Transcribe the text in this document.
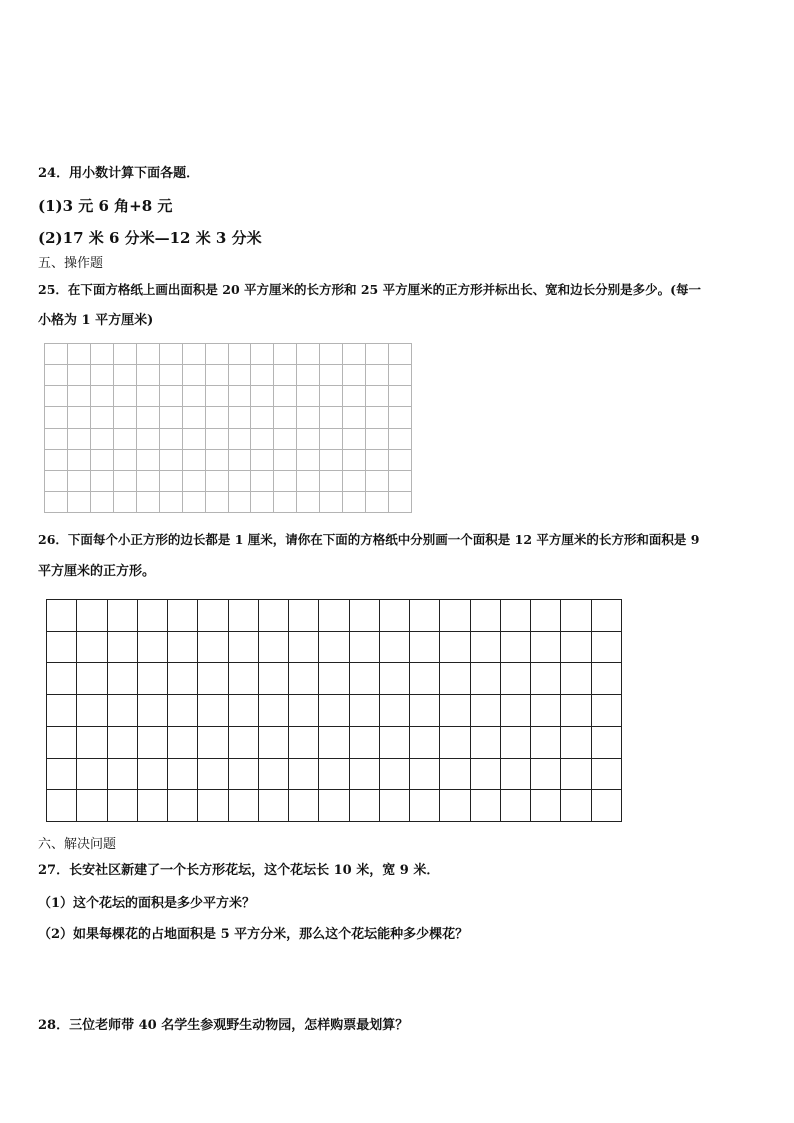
24．用小数计算下面各题．
(1)3 元 6 角+8 元
(2)17 米 6 分米—12 米 3 分米
五、操作题
25．在下面方格纸上画出面积是 20 平方厘米的长方形和 25 平方厘米的正方形并标出长、宽和边长分别是多少。(每一
小格为 1 平方厘米)
26．下面每个小正方形的边长都是 1 厘米，请你在下面的方格纸中分别画一个面积是 12 平方厘米的长方形和面积是 9
平方厘米的正方形。
六、解决问题
27．长安社区新建了一个长方形花坛，这个花坛长 10 米，宽 9 米．
（1）这个花坛的面积是多少平方米？
（2）如果每棵花的占地面积是 5 平方分米，那么这个花坛能种多少棵花？
28．三位老师带 40 名学生参观野生动物园，怎样购票最划算？
